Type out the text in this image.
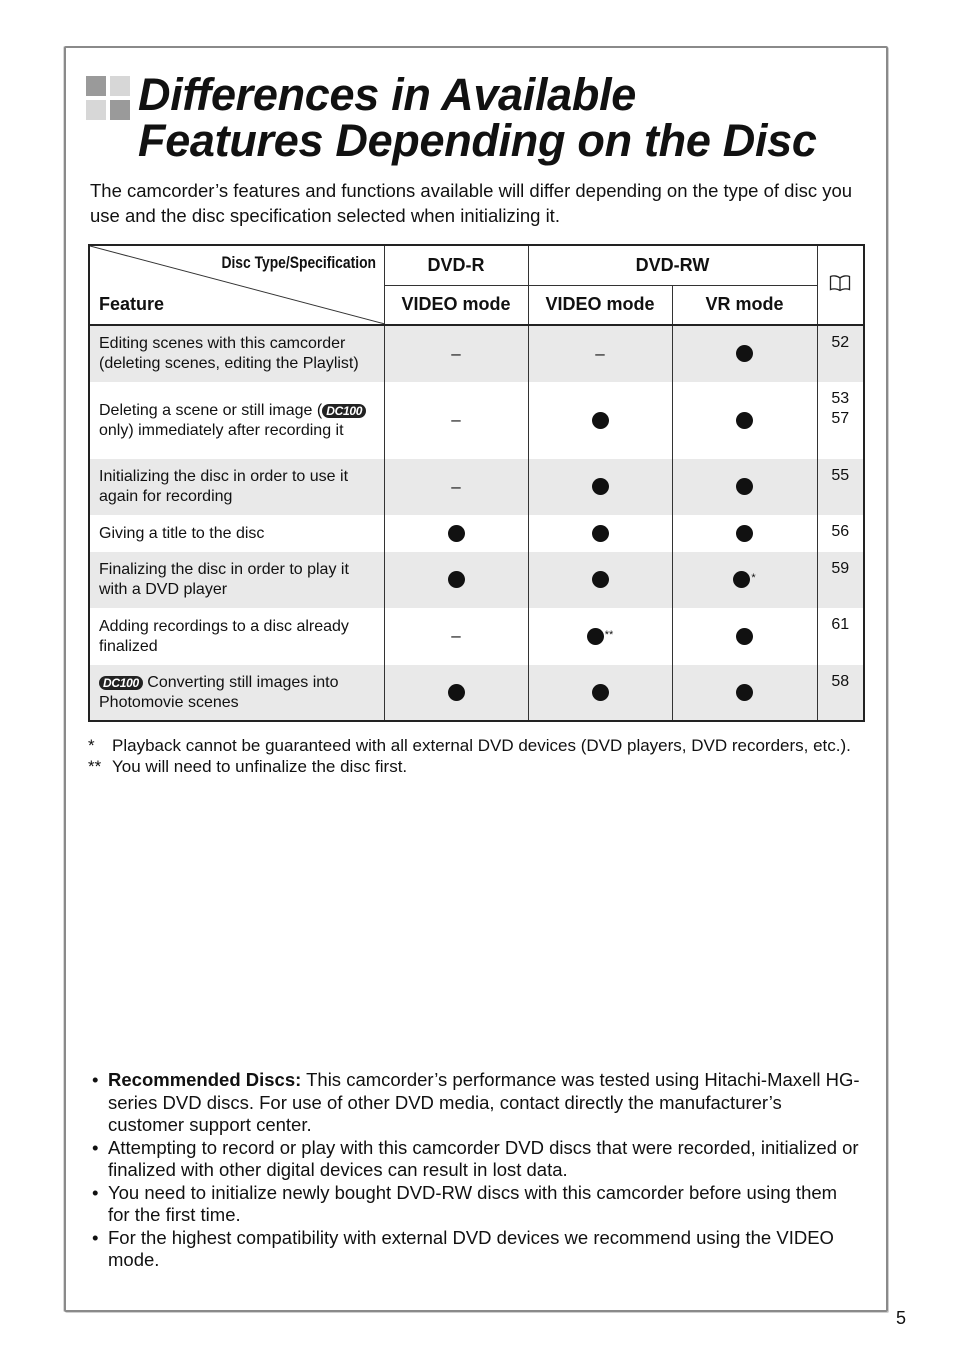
Differences in Available
Features Depending on the Disc

The camcorder’s features and functions available will differ depending on the type of disc you use and the disc specification selected when initializing it.

Disc Type/Specification
Feature	DVD-R	DVD-RW	
	VIDEO mode	VIDEO mode	VR mode	
Editing scenes with this camcorder (deleting scenes, editing the Playlist)	–	–		52
Deleting a scene or still image ( DC100 only) immediately after recording it	–			53
57
Initializing the disc in order to use it again for recording	–			55
Giving a title to the disc				56
Finalizing the disc in order to play it with a DVD player			*	59
Adding recordings to a disc already finalized	–	**		61
DC100 Converting still images into Photomovie scenes				58

* Playback cannot be guaranteed with all external DVD devices (DVD players, DVD recorders, etc.).

** You will need to unfinalize the disc first.

• Recommended Discs: This camcorder’s performance was tested using Hitachi-Maxell HG-series DVD discs. For use of other DVD media, contact directly the manufacturer’s customer support center.

• Attempting to record or play with this camcorder DVD discs that were recorded, initialized or finalized with other digital devices can result in lost data.

• You need to initialize newly bought DVD-RW discs with this camcorder before using them for the first time.

• For the highest compatibility with external DVD devices we recommend using the VIDEO mode.

5
